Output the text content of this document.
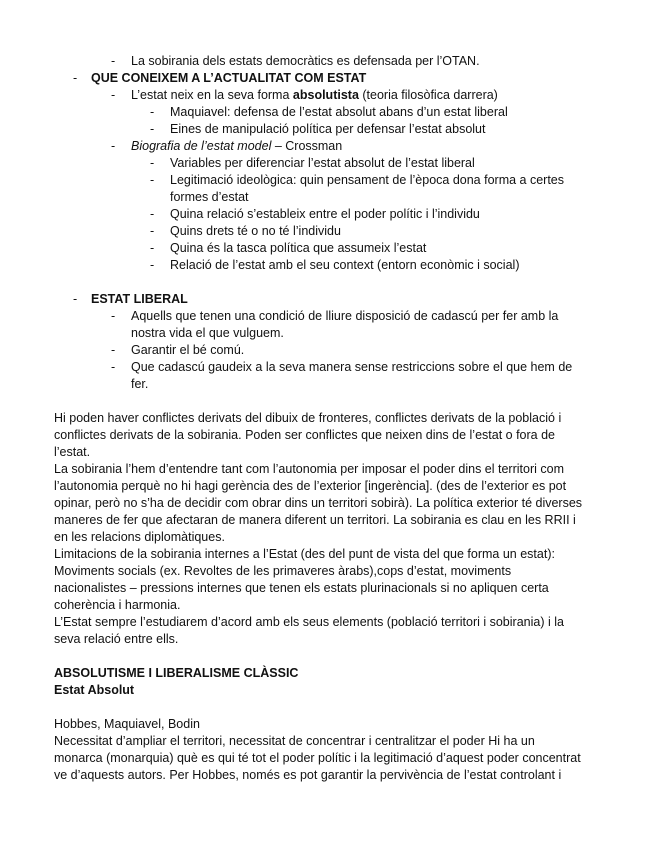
- La sobirania dels estats democràtics es defensada per l’OTAN.
- QUE CONEIXEM A L’ACTUALITAT COM ESTAT
- L’estat neix en la seva forma absolutista (teoria filosòfica darrera)
- Maquiavel: defensa de l’estat absolut abans d’un estat liberal
- Eines de manipulació política per defensar l’estat absolut
- Biografia de l’estat model – Crossman
- Variables per diferenciar l’estat absolut de l’estat liberal
- Legitimació ideològica: quin pensament de l’època dona forma a certes
formes d’estat
- Quina relació s’estableix entre el poder polític i l’individu
- Quins drets té o no té l’individu
- Quina és la tasca política que assumeix l’estat
- Relació de l’estat amb el seu context (entorn econòmic i social)
- ESTAT LIBERAL
- Aquells que tenen una condició de lliure disposició de cadascú per fer amb la
nostra vida el que vulguem.
- Garantir el bé comú.
- Que cadascú gaudeix a la seva manera sense restriccions sobre el que hem de
fer.

Hi poden haver conflictes derivats del dibuix de fronteres, conflictes derivats de la població i

conflictes derivats de la sobirania. Poden ser conflictes que neixen dins de l’estat o fora de

l’estat.

La sobirania l’hem d’entendre tant com l’autonomia per imposar el poder dins el territori com

l’autonomia perquè no hi hagi gerència des de l’exterior [ingerència]. (des de l’exterior es pot

opinar, però no s’ha de decidir com obrar dins un territori sobirà). La política exterior té diverses

maneres de fer que afectaran de manera diferent un territori. La sobirania es clau en les RRII i

en les relacions diplomàtiques.

Limitacions de la sobirania internes a l’Estat (des del punt de vista del que forma un estat):

Moviments socials (ex. Revoltes de les primaveres àrabs),cops d’estat, moviments

nacionalistes – pressions internes que tenen els estats plurinacionals si no apliquen certa

coherència i harmonia.

L’Estat sempre l’estudiarem d’acord amb els seus elements (població territori i sobirania) i la

seva relació entre ells.

ABSOLUTISME I LIBERALISME CLÀSSIC
Estat Absolut

Hobbes, Maquiavel, Bodin

Necessitat d’ampliar el territori, necessitat de concentrar i centralitzar el poder Hi ha un

monarca (monarquia) què es qui té tot el poder polític i la legitimació d’aquest poder concentrat

ve d’aquests autors. Per Hobbes, només es pot garantir la pervivència de l’estat controlant i
